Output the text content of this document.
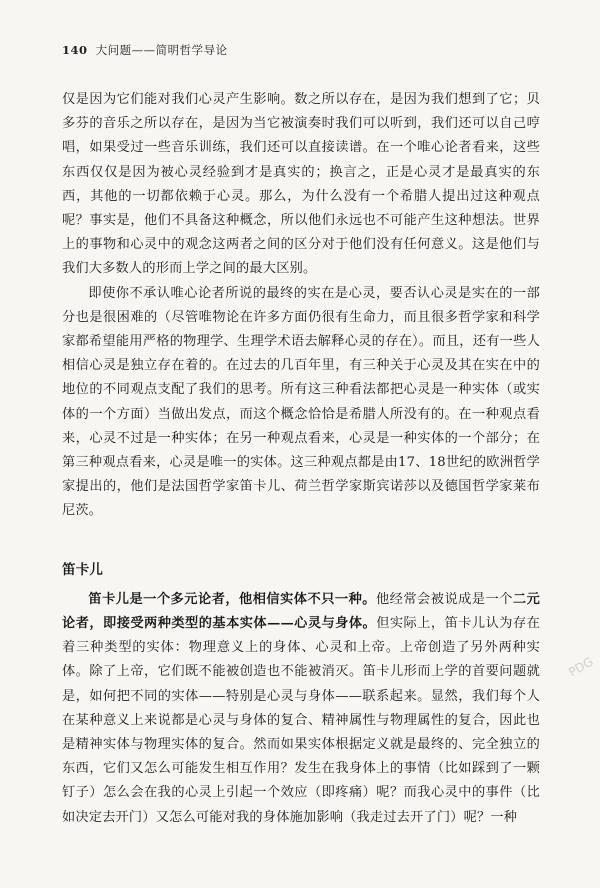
140 大问题——简明哲学导论

仅是因为它们能对我们心灵产生影响。数之所以存在，是因为我们想到了它；贝多芬的音乐之所以存在，是因为当它被演奏时我们可以听到，我们还可以自己哼唱，如果受过一些音乐训练，我们还可以直接读谱。在一个唯心论者看来，这些东西仅仅是因为被心灵经验到才是真实的；换言之，正是心灵才是最真实的东西，其他的一切都依赖于心灵。那么，为什么没有一个希腊人提出过这种观点呢？事实是，他们不具备这种概念，所以他们永远也不可能产生这种想法。世界上的事物和心灵中的观念这两者之间的区分对于他们没有任何意义。这是他们与我们大多数人的形而上学之间的最大区别。

即使你不承认唯心论者所说的最终的实在是心灵，要否认心灵是实在的一部分也是很困难的（尽管唯物论在许多方面仍很有生命力，而且很多哲学家和科学家都希望能用严格的物理学、生理学术语去解释心灵的存在）。而且，还有一些人相信心灵是独立存在着的。在过去的几百年里，有三种关于心灵及其在实在中的地位的不同观点支配了我们的思考。所有这三种看法都把心灵是一种实体（或实体的一个方面）当做出发点，而这个概念恰恰是希腊人所没有的。在一种观点看来，心灵不过是一种实体；在另一种观点看来，心灵是一种实体的一个部分；在第三种观点看来，心灵是唯一的实体。这三种观点都是由17、18世纪的欧洲哲学家提出的，他们是法国哲学家笛卡儿、荷兰哲学家斯宾诺莎以及德国哲学家莱布尼茨。

笛卡儿

笛卡儿是一个多元论者，他相信实体不只一种。他经常会被说成是一个二元论者，即接受两种类型的基本实体——心灵与身体。但实际上，笛卡儿认为存在着三种类型的实体：物理意义上的身体、心灵和上帝。上帝创造了另外两种实体。除了上帝，它们既不能被创造也不能被消灭。笛卡儿形而上学的首要问题就是，如何把不同的实体——特别是心灵与身体——联系起来。显然，我们每个人在某种意义上来说都是心灵与身体的复合、精神属性与物理属性的复合，因此也是精神实体与物理实体的复合。然而如果实体根据定义就是最终的、完全独立的东西，它们又怎么可能发生相互作用？发生在我身体上的事情（比如踩到了一颗钉子）怎么会在我的心灵上引起一个效应（即疼痛）呢？而我心灵中的事件（比如决定去开门）又怎么可能对我的身体施加影响（我走过去开了门）呢？一种

PDG
